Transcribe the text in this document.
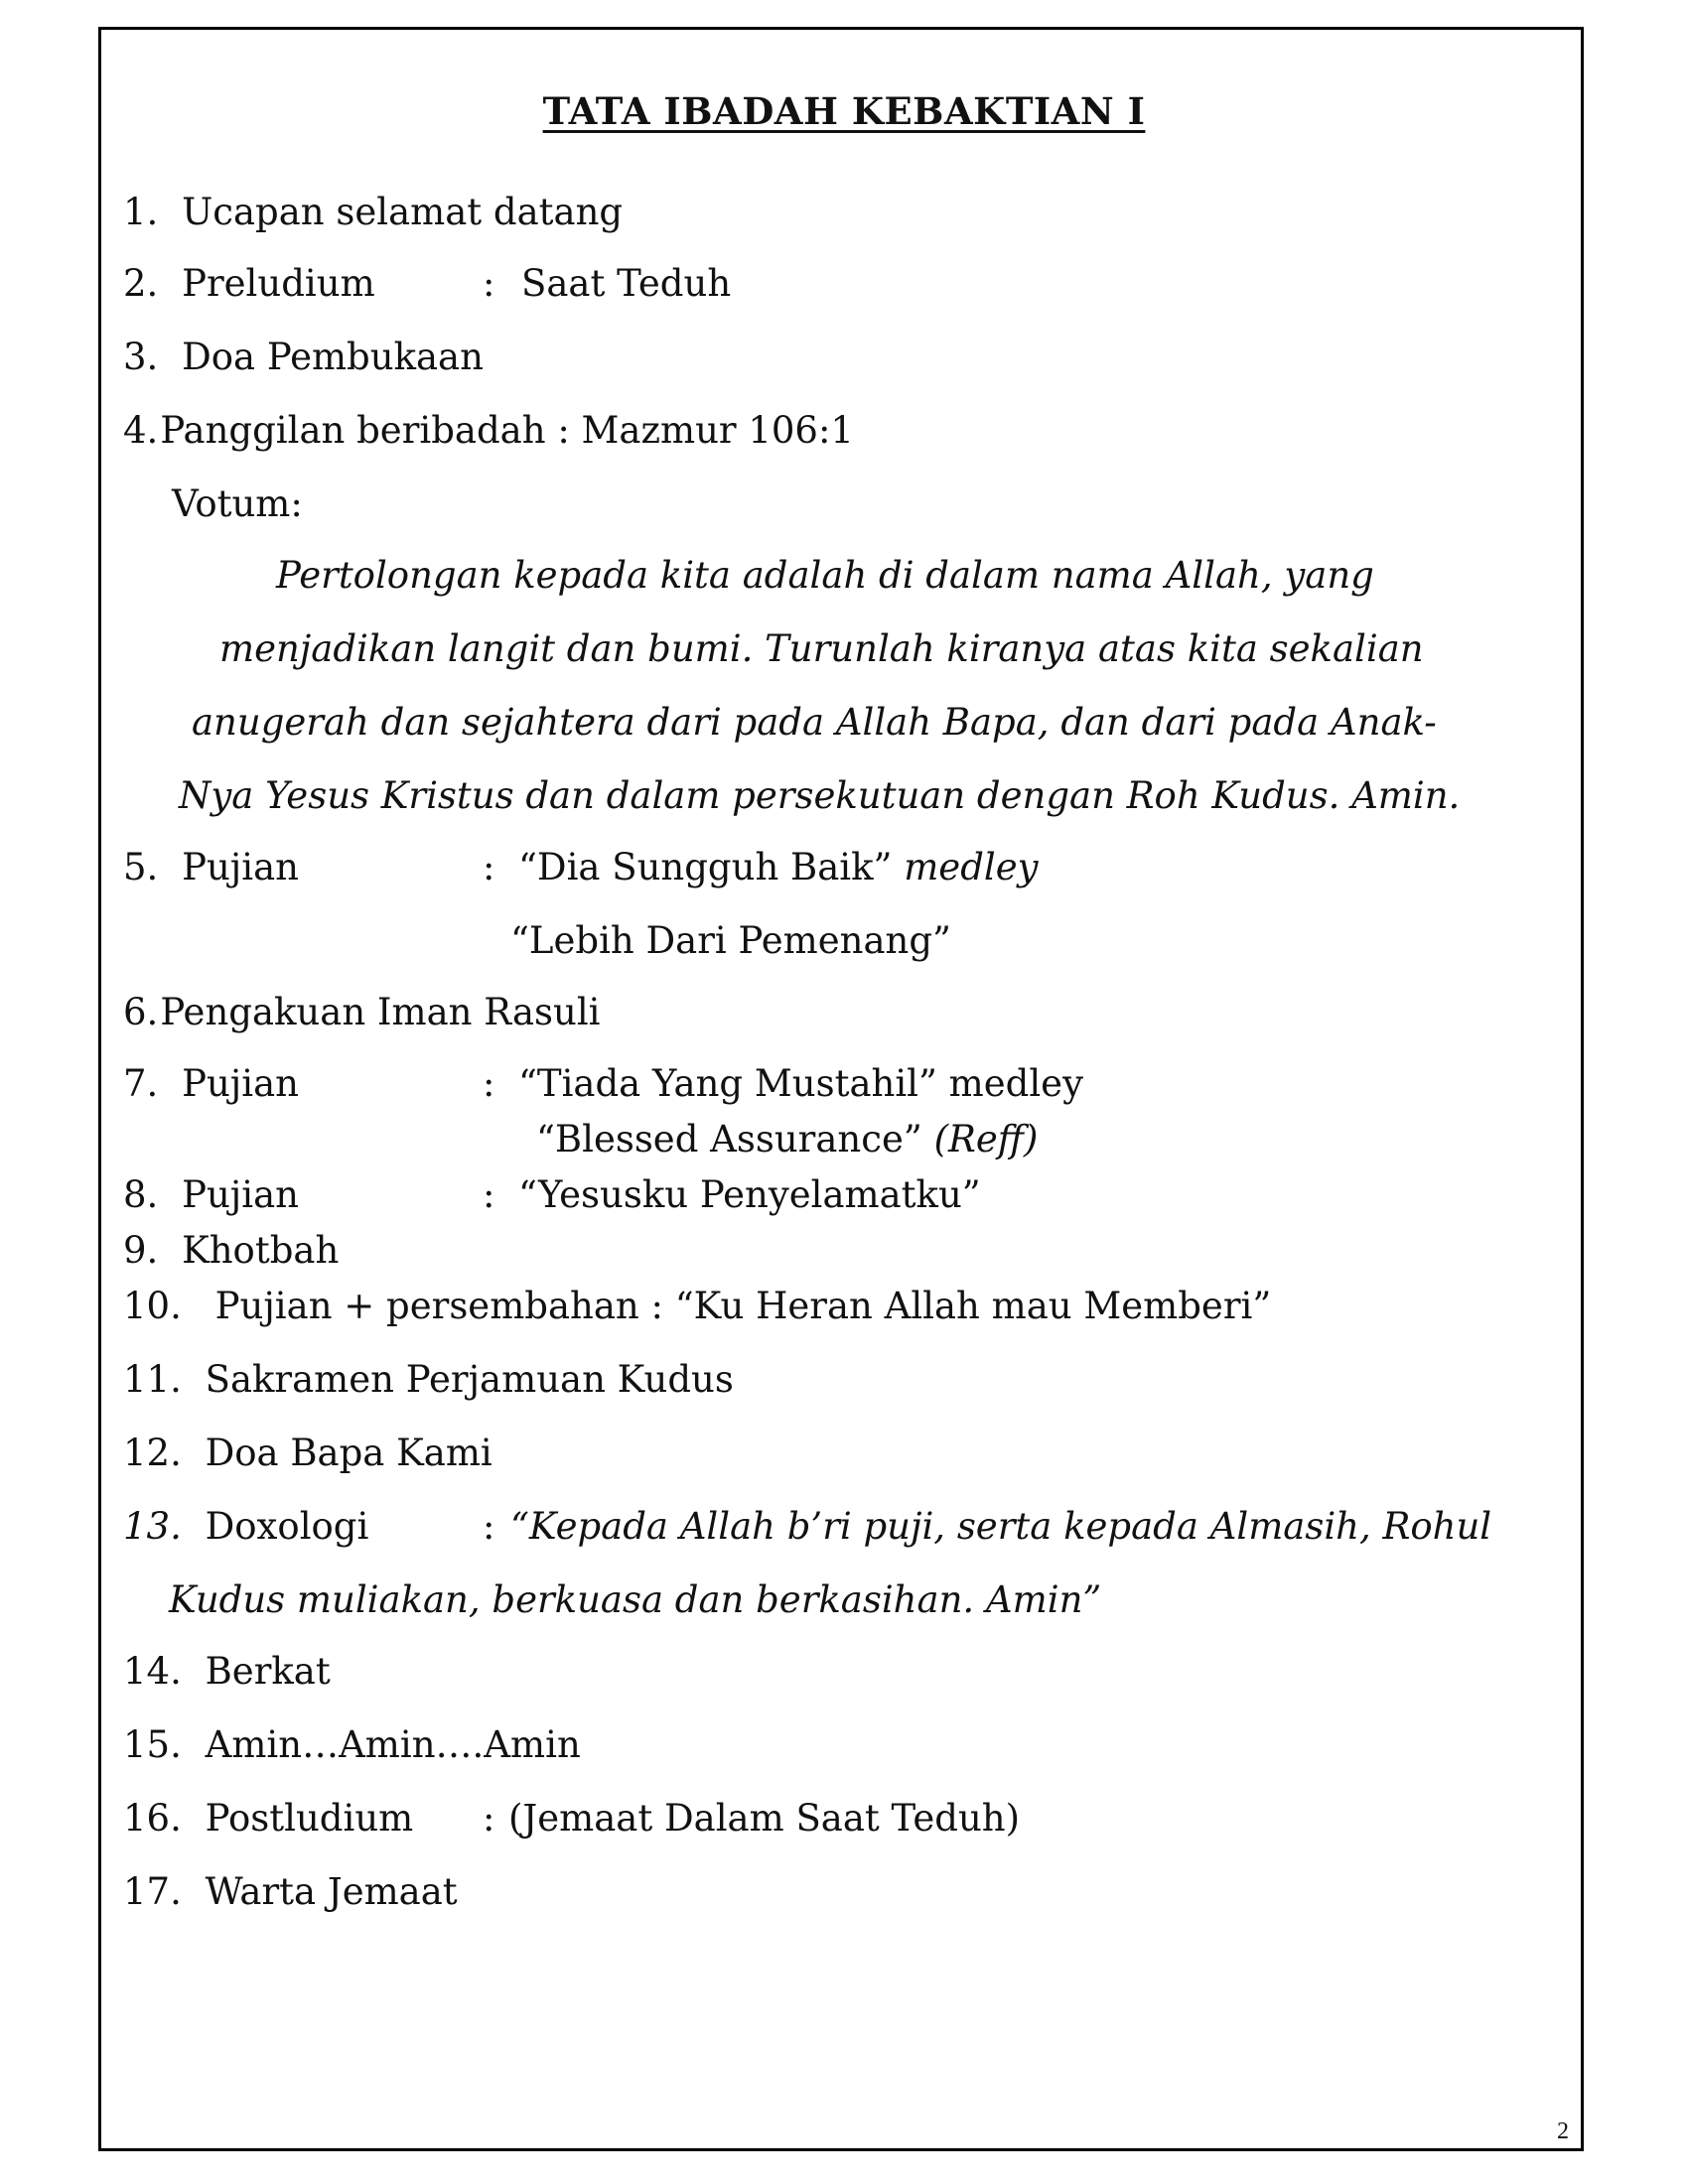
TATA IBADAH KEBAKTIAN I
1. Ucapan selamat datang
2. Preludium	: Saat Teduh
3. Doa Pembukaan
4.Panggilan beribadah : Mazmur 106:1
Votum:
Pertolongan kepada kita adalah di dalam nama Allah, yang
menjadikan langit dan bumi. Turunlah kiranya atas kita sekalian
anugerah dan sejahtera dari pada Allah Bapa, dan dari pada Anak-
Nya Yesus Kristus dan dalam persekutuan dengan Roh Kudus. Amin.
5. Pujian	: “Dia Sungguh Baik” medley
“Lebih Dari Pemenang”
6.Pengakuan Iman Rasuli
7. Pujian	: “Tiada Yang Mustahil” medley
“Blessed Assurance” (Reff)
8. Pujian	: “Yesusku Penyelamatku”
9. Khotbah
10. Pujian + persembahan : “Ku Heran Allah mau Memberi”
11. Sakramen Perjamuan Kudus
12. Doa Bapa Kami
13. Doxologi	: “Kepada Allah b’ri puji, serta kepada Almasih, Rohul
Kudus muliakan, berkuasa dan berkasihan. Amin”
14. Berkat
15. Amin…Amin….Amin
16. Postludium : (Jemaat Dalam Saat Teduh)
17. Warta Jemaat
2
